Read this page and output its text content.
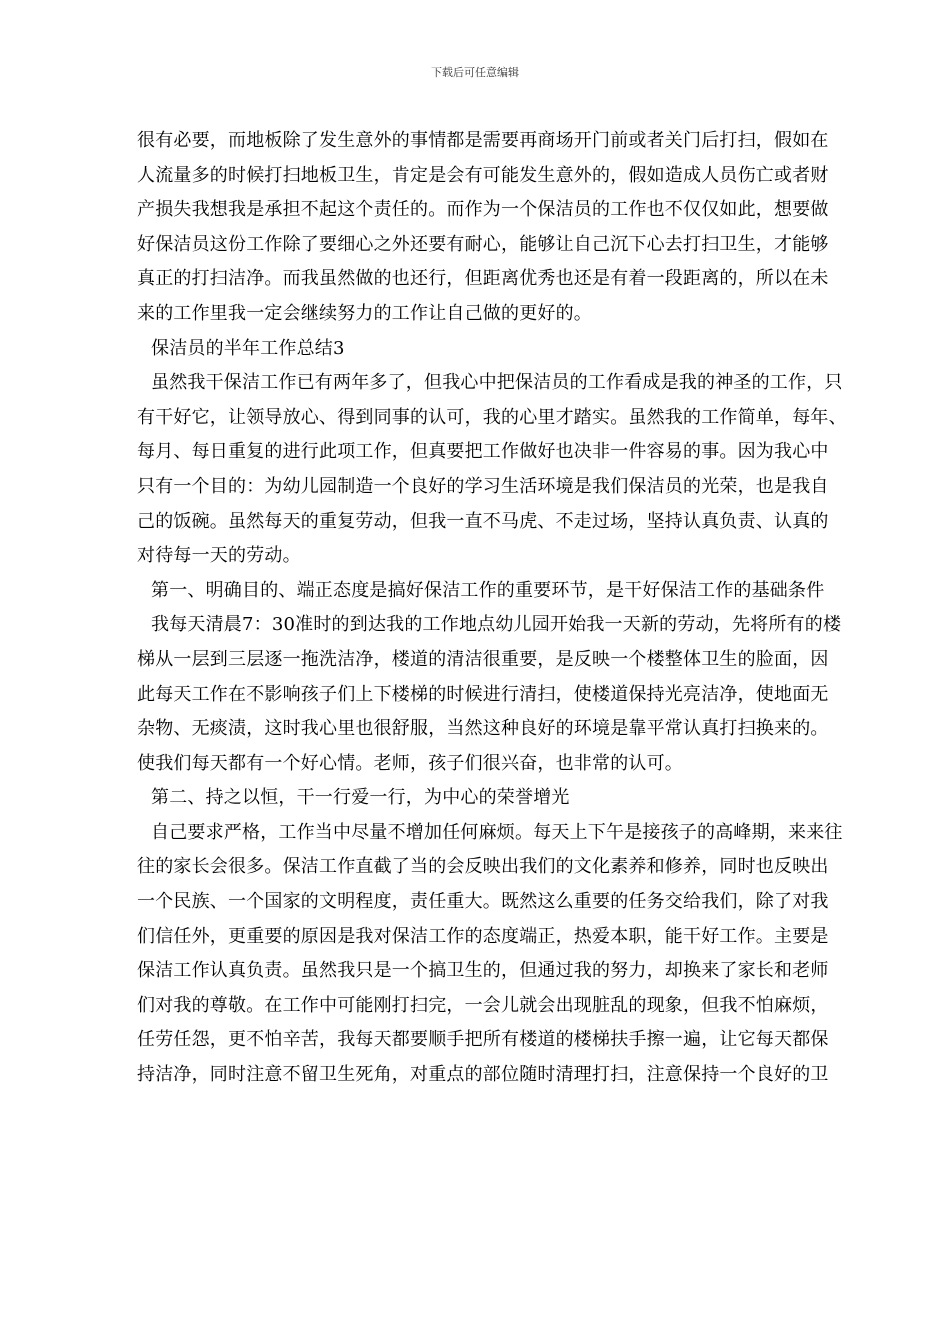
下载后可任意编辑
很有必要，而地板除了发生意外的事情都是需要再商场开门前或者关门后打扫，假如在
人流量多的时候打扫地板卫生，肯定是会有可能发生意外的，假如造成人员伤亡或者财
产损失我想我是承担不起这个责任的。而作为一个保洁员的工作也不仅仅如此，想要做
好保洁员这份工作除了要细心之外还要有耐心，能够让自己沉下心去打扫卫生，才能够
真正的打扫洁净。而我虽然做的也还行，但距离优秀也还是有着一段距离的，所以在未
来的工作里我一定会继续努力的工作让自己做的更好的。
保洁员的半年工作总结3
虽然我干保洁工作已有两年多了，但我心中把保洁员的工作看成是我的神圣的工作，只
有干好它，让领导放心、得到同事的认可，我的心里才踏实。虽然我的工作简单，每年、
每月、每日重复的进行此项工作，但真要把工作做好也决非一件容易的事。因为我心中
只有一个目的：为幼儿园制造一个良好的学习生活环境是我们保洁员的光荣，也是我自
己的饭碗。虽然每天的重复劳动，但我一直不马虎、不走过场，坚持认真负责、认真的
对待每一天的劳动。
第一、明确目的、端正态度是搞好保洁工作的重要环节，是干好保洁工作的基础条件
我每天清晨7：30准时的到达我的工作地点幼儿园开始我一天新的劳动，先将所有的楼
梯从一层到三层逐一拖洗洁净，楼道的清洁很重要，是反映一个楼整体卫生的脸面，因
此每天工作在不影响孩子们上下楼梯的时候进行清扫，使楼道保持光亮洁净，使地面无
杂物、无痰渍，这时我心里也很舒服，当然这种良好的环境是靠平常认真打扫换来的。
使我们每天都有一个好心情。老师，孩子们很兴奋，也非常的认可。
第二、持之以恒，干一行爱一行，为中心的荣誉增光
自己要求严格，工作当中尽量不增加任何麻烦。每天上下午是接孩子的高峰期，来来往
往的家长会很多。保洁工作直截了当的会反映出我们的文化素养和修养，同时也反映出
一个民族、一个国家的文明程度，责任重大。既然这么重要的任务交给我们，除了对我
们信任外，更重要的原因是我对保洁工作的态度端正，热爱本职，能干好工作。主要是
保洁工作认真负责。虽然我只是一个搞卫生的，但通过我的努力，却换来了家长和老师
们对我的尊敬。在工作中可能刚打扫完，一会儿就会出现脏乱的现象，但我不怕麻烦，
任劳任怨，更不怕辛苦，我每天都要顺手把所有楼道的楼梯扶手擦一遍，让它每天都保
持洁净，同时注意不留卫生死角，对重点的部位随时清理打扫，注意保持一个良好的卫
